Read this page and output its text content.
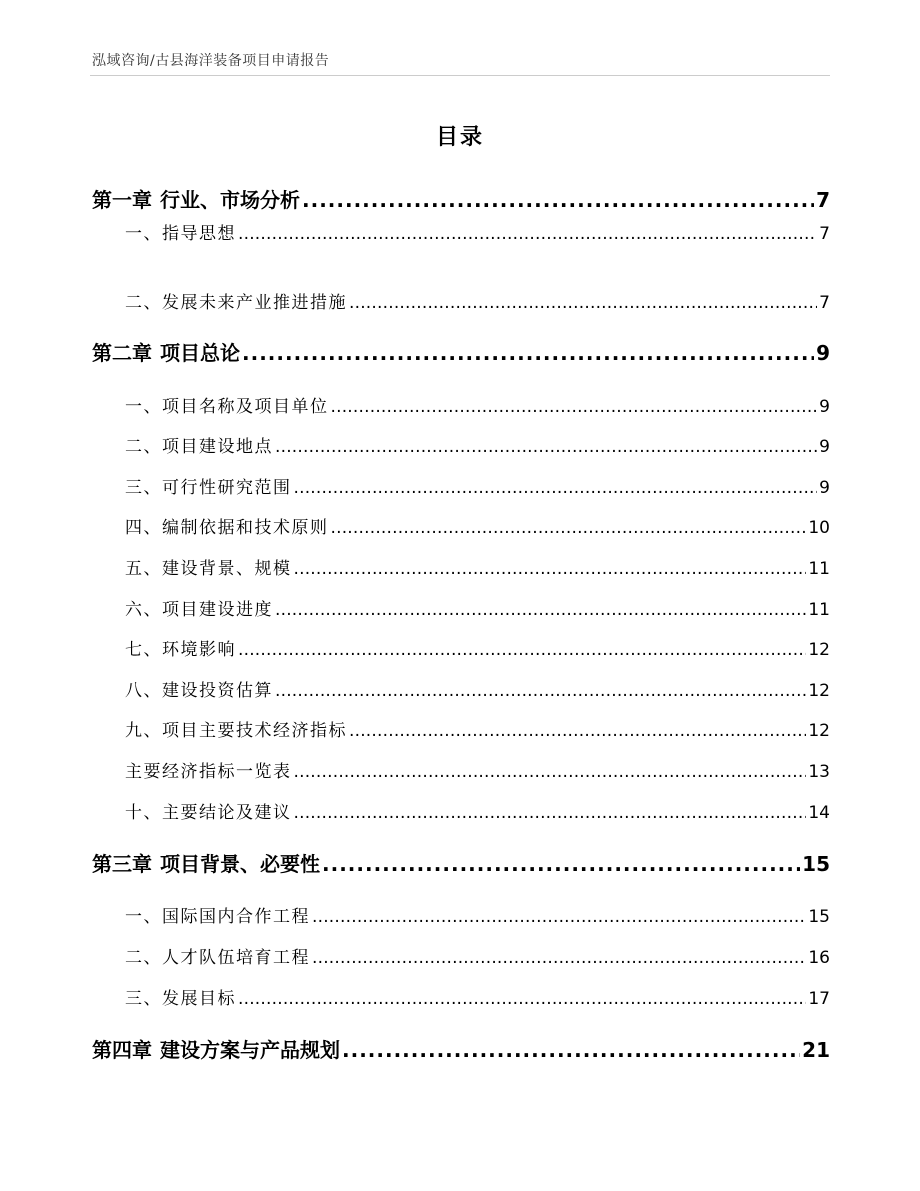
泓域咨询/古县海洋装备项目申请报告
目录
第一章 行业、市场分析 .....	7
一、 指导思想 .....	7
二、 发展未来产业推进措施 .....	7
第二章 项目总论 .....	9
一、 项目名称及项目单位 .....	9
二、 项目建设地点 .....	9
三、 可行性研究范围 .....	9
四、 编制依据和技术原则 .....	10
五、 建设背景、规模 .....	11
六、 项目建设进度 .....	11
七、 环境影响 .....	12
八、 建设投资估算 .....	12
九、 项目主要技术经济指标 .....	12
主要经济指标一览表 .....	13
十、 主要结论及建议 .....	14
第三章 项目背景、必要性 .....	15
一、 国际国内合作工程 .....	15
二、 人才队伍培育工程 .....	16
三、 发展目标 .....	17
第四章 建设方案与产品规划 .....	21
